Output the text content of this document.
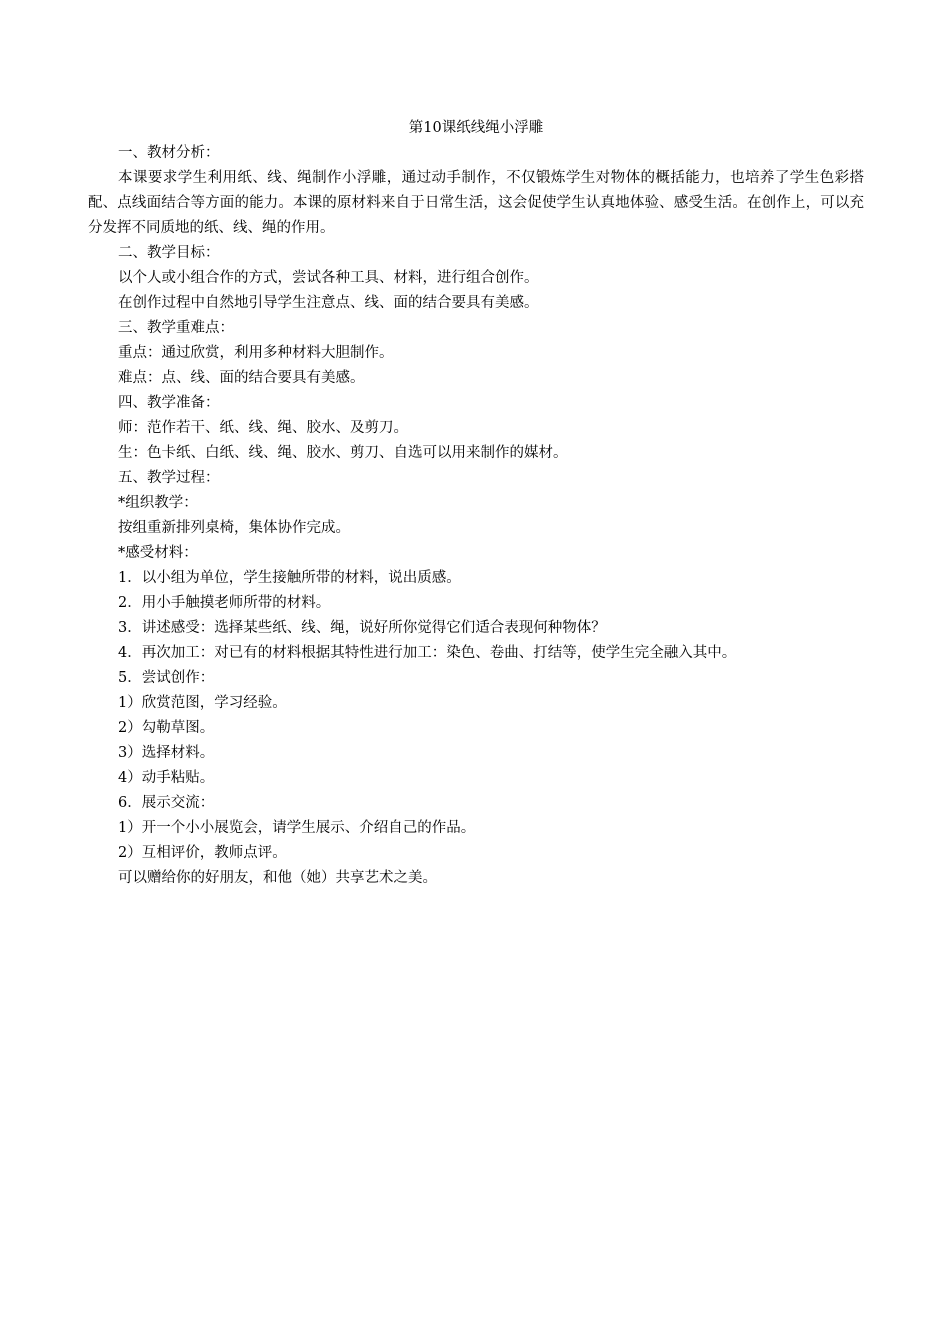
第10课纸线绳小浮雕

一、教材分析：

本课要求学生利用纸、线、绳制作小浮雕，通过动手制作，不仅锻炼学生对物体的概括能力，也培养了学生色彩搭配、点线面结合等方面的能力。本课的原材料来自于日常生活，这会促使学生认真地体验、感受生活。在创作上，可以充分发挥不同质地的纸、线、绳的作用。

二、教学目标：

以个人或小组合作的方式，尝试各种工具、材料，进行组合创作。

在创作过程中自然地引导学生注意点、线、面的结合要具有美感。

三、教学重难点：

重点：通过欣赏，利用多种材料大胆制作。

难点：点、线、面的结合要具有美感。

四、教学准备：

师：范作若干、纸、线、绳、胶水、及剪刀。

生：色卡纸、白纸、线、绳、胶水、剪刀、自选可以用来制作的媒材。

五、教学过程：

*组织教学：

按组重新排列桌椅，集体协作完成。

*感受材料：

1．以小组为单位，学生接触所带的材料，说出质感。

2．用小手触摸老师所带的材料。

3．讲述感受：选择某些纸、线、绳，说好所你觉得它们适合表现何种物体？

4．再次加工：对已有的材料根据其特性进行加工：染色、卷曲、打结等，使学生完全融入其中。

5．尝试创作：

1）欣赏范图，学习经验。

2）勾勒草图。

3）选择材料。

4）动手粘贴。

6．展示交流：

1）开一个小小展览会，请学生展示、介绍自己的作品。

2）互相评价，教师点评。

可以赠给你的好朋友，和他（她）共享艺术之美。
